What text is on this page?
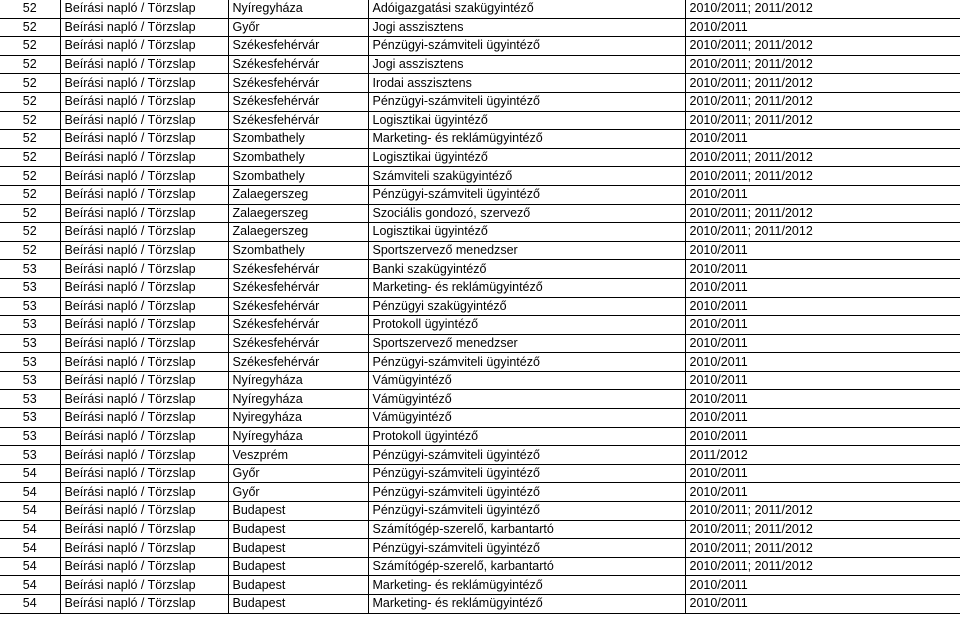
52	Beírási napló / Törzslap	Nyíregyháza	Adóigazgatási szakügyintéző	2010/2011; 2011/2012
52	Beírási napló / Törzslap	Győr	Jogi asszisztens	2010/2011
52	Beírási napló / Törzslap	Székesfehérvár	Pénzügyi-számviteli ügyintéző	2010/2011; 2011/2012
52	Beírási napló / Törzslap	Székesfehérvár	Jogi asszisztens	2010/2011; 2011/2012
52	Beírási napló / Törzslap	Székesfehérvár	Irodai asszisztens	2010/2011; 2011/2012
52	Beírási napló / Törzslap	Székesfehérvár	Pénzügyi-számviteli ügyintéző	2010/2011; 2011/2012
52	Beírási napló / Törzslap	Székesfehérvár	Logisztikai ügyintéző	2010/2011; 2011/2012
52	Beírási napló / Törzslap	Szombathely	Marketing- és reklámügyintéző	2010/2011
52	Beírási napló / Törzslap	Szombathely	Logisztikai ügyintéző	2010/2011; 2011/2012
52	Beírási napló / Törzslap	Szombathely	Számviteli szakügyintéző	2010/2011; 2011/2012
52	Beírási napló / Törzslap	Zalaegerszeg	Pénzügyi-számviteli ügyintéző	2010/2011
52	Beírási napló / Törzslap	Zalaegerszeg	Szociális gondozó, szervező	2010/2011; 2011/2012
52	Beírási napló / Törzslap	Zalaegerszeg	Logisztikai ügyintéző	2010/2011; 2011/2012
52	Beírási napló / Törzslap	Szombathely	Sportszervező menedzser	2010/2011
53	Beírási napló / Törzslap	Székesfehérvár	Banki szakügyintéző	2010/2011
53	Beírási napló / Törzslap	Székesfehérvár	Marketing- és reklámügyintéző	2010/2011
53	Beírási napló / Törzslap	Székesfehérvár	Pénzügyi szakügyintéző	2010/2011
53	Beírási napló / Törzslap	Székesfehérvár	Protokoll ügyintéző	2010/2011
53	Beírási napló / Törzslap	Székesfehérvár	Sportszervező menedzser	2010/2011
53	Beírási napló / Törzslap	Székesfehérvár	Pénzügyi-számviteli ügyintéző	2010/2011
53	Beírási napló / Törzslap	Nyíregyháza	Vámügyintéző	2010/2011
53	Beírási napló / Törzslap	Nyíregyháza	Vámügyintéző	2010/2011
53	Beírási napló / Törzslap	Nyiregyháza	Vámügyintéző	2010/2011
53	Beírási napló / Törzslap	Nyíregyháza	Protokoll ügyintéző	2010/2011
53	Beírási napló / Törzslap	Veszprém	Pénzügyi-számviteli ügyintéző	2011/2012
54	Beírási napló / Törzslap	Győr	Pénzügyi-számviteli ügyintéző	2010/2011
54	Beírási napló / Törzslap	Győr	Pénzügyi-számviteli ügyintéző	2010/2011
54	Beírási napló / Törzslap	Budapest	Pénzügyi-számviteli ügyintéző	2010/2011; 2011/2012
54	Beírási napló / Törzslap	Budapest	Számítógép-szerelő, karbantartó	2010/2011; 2011/2012
54	Beírási napló / Törzslap	Budapest	Pénzügyi-számviteli ügyintéző	2010/2011; 2011/2012
54	Beírási napló / Törzslap	Budapest	Számítógép-szerelő, karbantartó	2010/2011; 2011/2012
54	Beírási napló / Törzslap	Budapest	Marketing- és reklámügyintéző	2010/2011
54	Beírási napló / Törzslap	Budapest	Marketing- és reklámügyintéző	2010/2011
